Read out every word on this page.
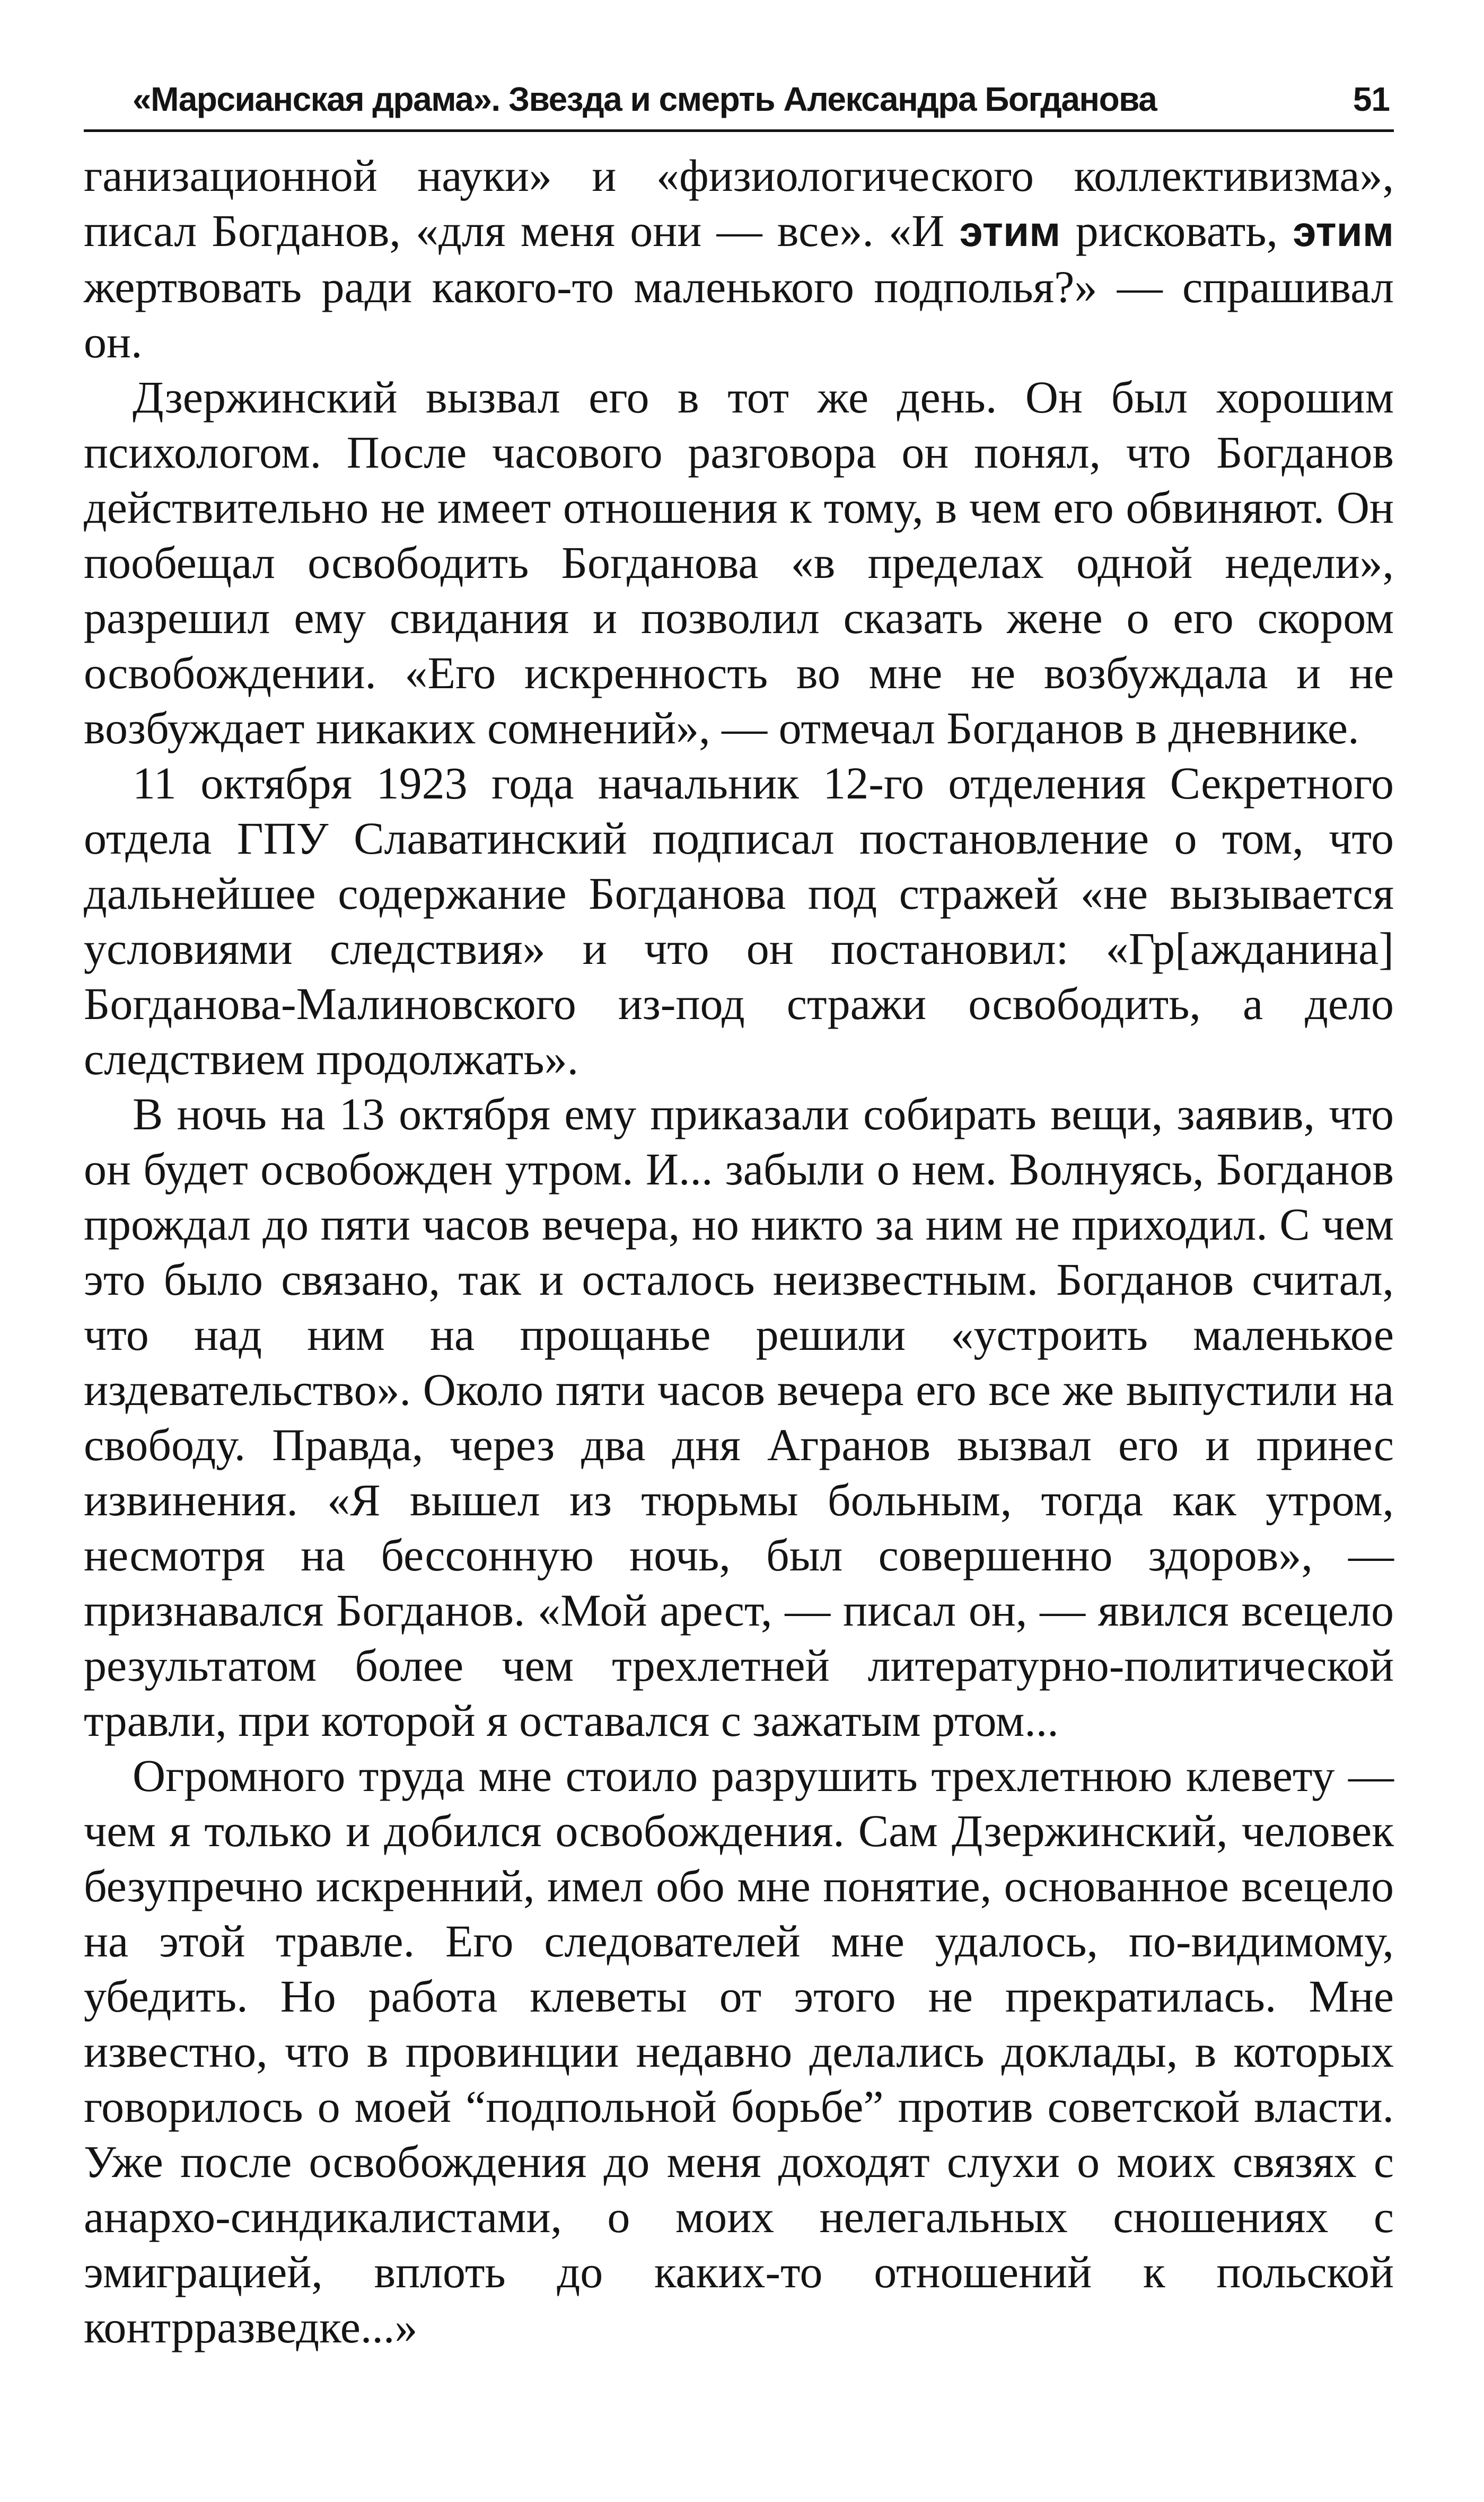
«Марсианская драма». Звезда и смерть Александра Богданова	51

ганизационной науки» и «физиологического коллективизма», писал Богданов, «для меня они — все». «И этим рисковать, этим жертвовать ради какого-то маленького подполья?» — спрашивал он.

Дзержинский вызвал его в тот же день. Он был хорошим психологом. После часового разговора он понял, что Богданов действительно не имеет отношения к тому, в чем его обвиняют. Он пообещал освободить Богданова «в пределах одной недели», разрешил ему свидания и позволил сказать жене о его скором освобождении. «Его искренность во мне не возбуждала и не возбуждает никаких сомнений», — отмечал Богданов в дневнике.

11 октября 1923 года начальник 12-го отделения Секретного отдела ГПУ Славатинский подписал постановление о том, что дальнейшее содержание Богданова под стражей «не вызывается условиями следствия» и что он постановил: «Гр[ажданина] Богданова-Малиновского из-под стражи освободить, а дело следствием продолжать».

В ночь на 13 октября ему приказали собирать вещи, заявив, что он будет освобожден утром. И... забыли о нем. Волнуясь, Богданов прождал до пяти часов вечера, но никто за ним не приходил. С чем это было связано, так и осталось неизвестным. Богданов считал, что над ним на прощанье решили «устроить маленькое издевательство». Около пяти часов вечера его все же выпустили на свободу. Правда, через два дня Агранов вызвал его и принес извинения. «Я вышел из тюрьмы больным, тогда как утром, несмотря на бессонную ночь, был совершенно здоров», — признавался Богданов. «Мой арест, — писал он, — явился всецело результатом более чем трехлетней литературно-политической травли, при которой я оставался с зажатым ртом...

Огромного труда мне стоило разрушить трехлетнюю клевету — чем я только и добился освобождения. Сам Дзержинский, человек безупречно искренний, имел обо мне понятие, основанное всецело на этой травле. Его следователей мне удалось, по-видимому, убедить. Но работа клеветы от этого не прекратилась. Мне известно, что в провинции недавно делались доклады, в которых говорилось о моей “подпольной борьбе” против советской власти. Уже после освобождения до меня доходят слухи о моих связях с анархо-синдикалистами, о моих нелегальных сношениях с эмиграцией, вплоть до каких-то отношений к польской контрразведке...»
